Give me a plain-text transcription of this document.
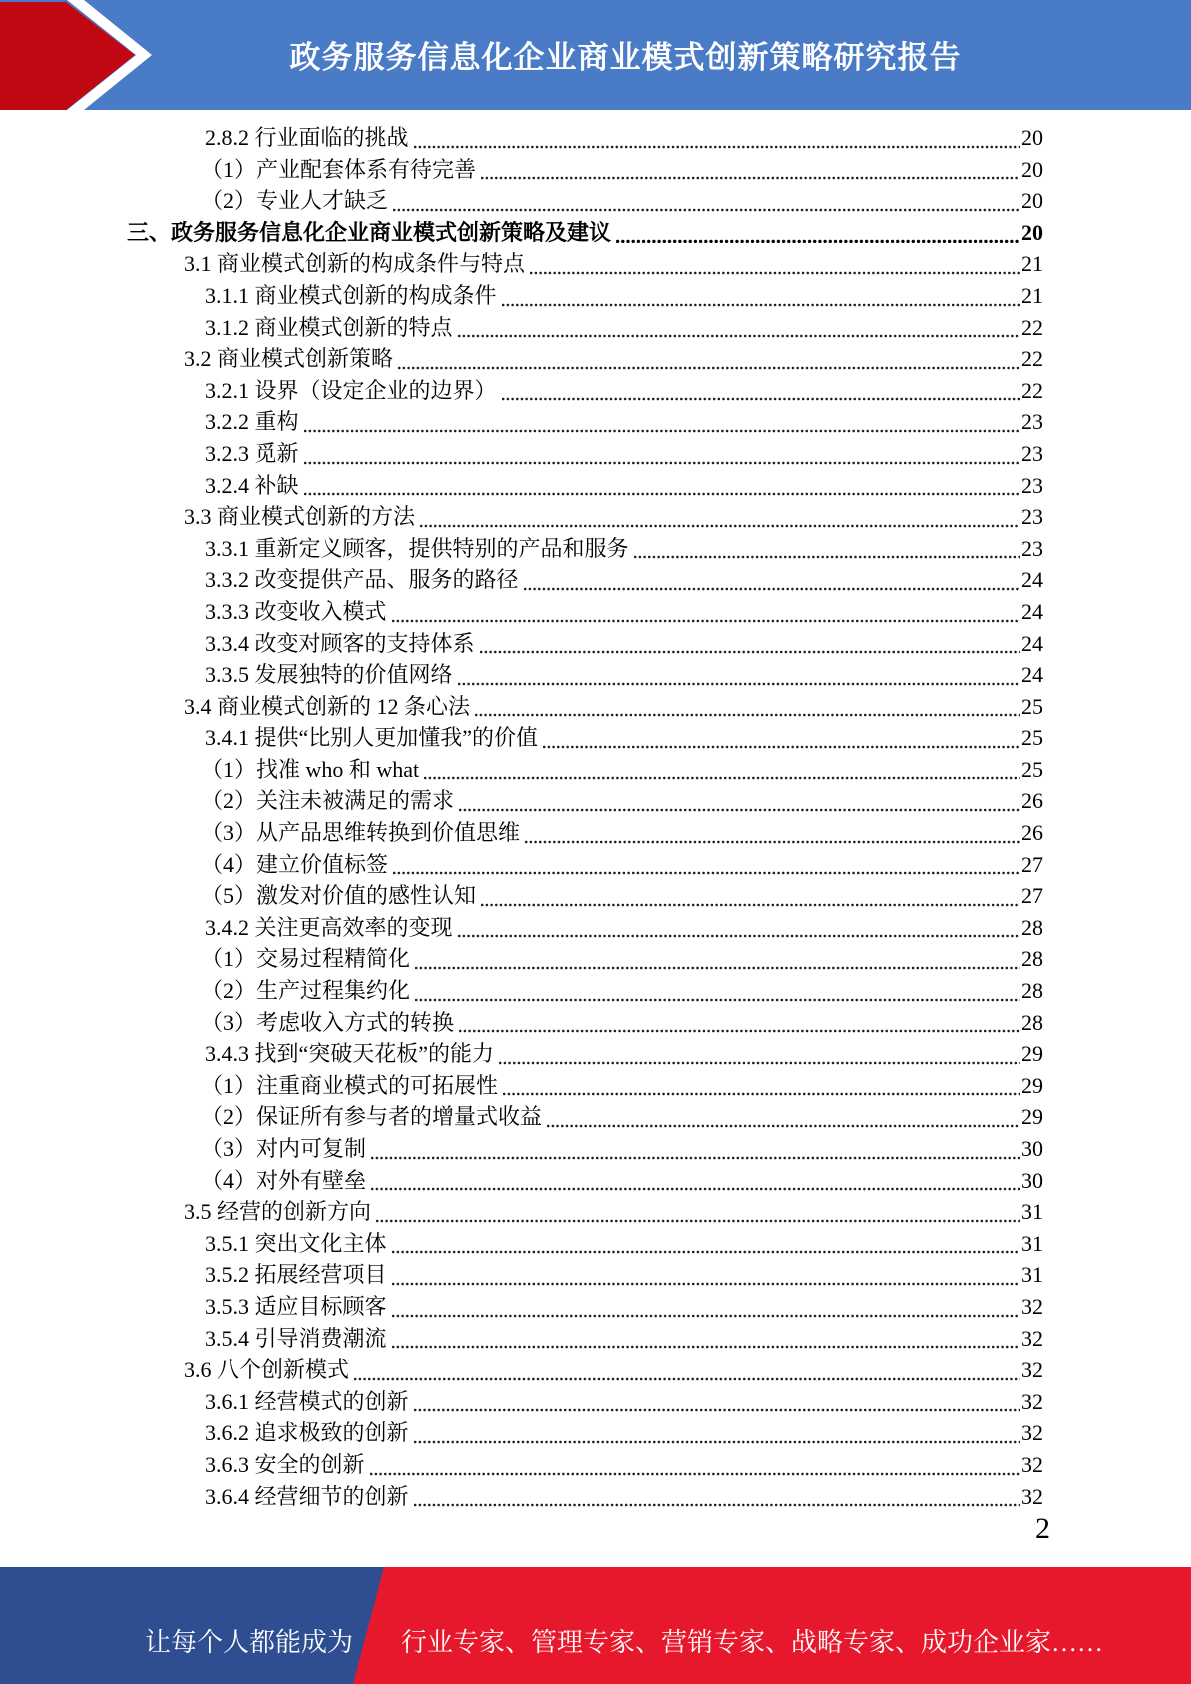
政务服务信息化企业商业模式创新策略研究报告
2.8.2 行业面临的挑战	20
（1）产业配套体系有待完善	20
（2）专业人才缺乏	20
三、政务服务信息化企业商业模式创新策略及建议	20
3.1 商业模式创新的构成条件与特点	21
3.1.1 商业模式创新的构成条件	21
3.1.2 商业模式创新的特点	22
3.2 商业模式创新策略	22
3.2.1 设界（设定企业的边界）	22
3.2.2 重构	23
3.2.3 觅新	23
3.2.4 补缺	23
3.3 商业模式创新的方法	23
3.3.1 重新定义顾客，提供特别的产品和服务	23
3.3.2 改变提供产品、服务的路径	24
3.3.3 改变收入模式	24
3.3.4 改变对顾客的支持体系	24
3.3.5 发展独特的价值网络	24
3.4 商业模式创新的 12 条心法	25
3.4.1 提供“比别人更加懂我”的价值	25
（1）找准 who 和 what	25
（2）关注未被满足的需求	26
（3）从产品思维转换到价值思维	26
（4）建立价值标签	27
（5）激发对价值的感性认知	27
3.4.2 关注更高效率的变现	28
（1）交易过程精简化	28
（2）生产过程集约化	28
（3）考虑收入方式的转换	28
3.4.3 找到“突破天花板”的能力	29
（1）注重商业模式的可拓展性	29
（2）保证所有参与者的增量式收益	29
（3）对内可复制	30
（4）对外有壁垒	30
3.5 经营的创新方向	31
3.5.1 突出文化主体	31
3.5.2 拓展经营项目	31
3.5.3 适应目标顾客	32
3.5.4 引导消费潮流	32
3.6 八个创新模式	32
3.6.1 经营模式的创新	32
3.6.2 追求极致的创新	32
3.6.3 安全的创新	32
3.6.4 经营细节的创新	32
2
让每个人都能成为 行业专家、管理专家、营销专家、战略专家、成功企业家……
